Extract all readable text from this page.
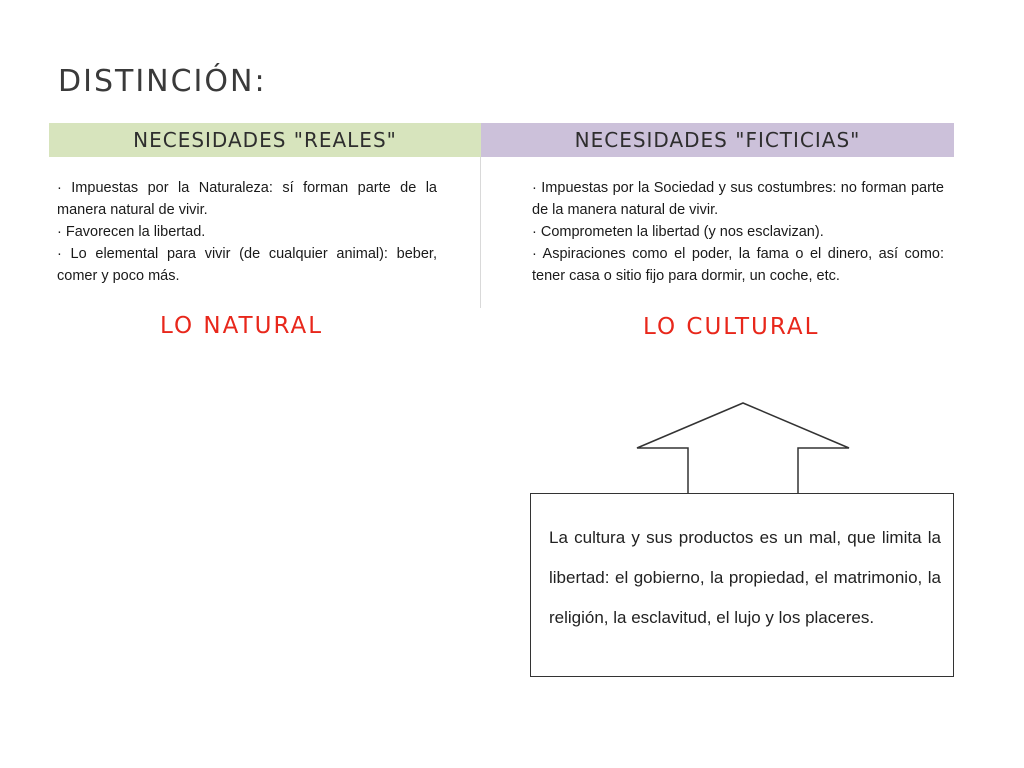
DISTINCIÓN:
NECESIDADES "REALES"	NECESIDADES "FICTICIAS"

· Impuestas por la Naturaleza: sí forman parte de la manera natural de vivir.

· Favorecen la libertad.

· Lo elemental para vivir (de cualquier animal): beber, comer y poco más.

· Impuestas por la Sociedad y sus costumbres: no forman parte de la manera natural de vivir.

· Comprometen la libertad (y nos esclavizan).

· Aspiraciones como el poder, la fama o el dinero, así como: tener casa o sitio fijo para dormir, un coche, etc.

LO NATURAL	LO CULTURAL

La cultura y sus productos es un mal, que limita la libertad: el gobierno, la propiedad, el matrimonio, la religión, la esclavitud, el lujo y los placeres.
